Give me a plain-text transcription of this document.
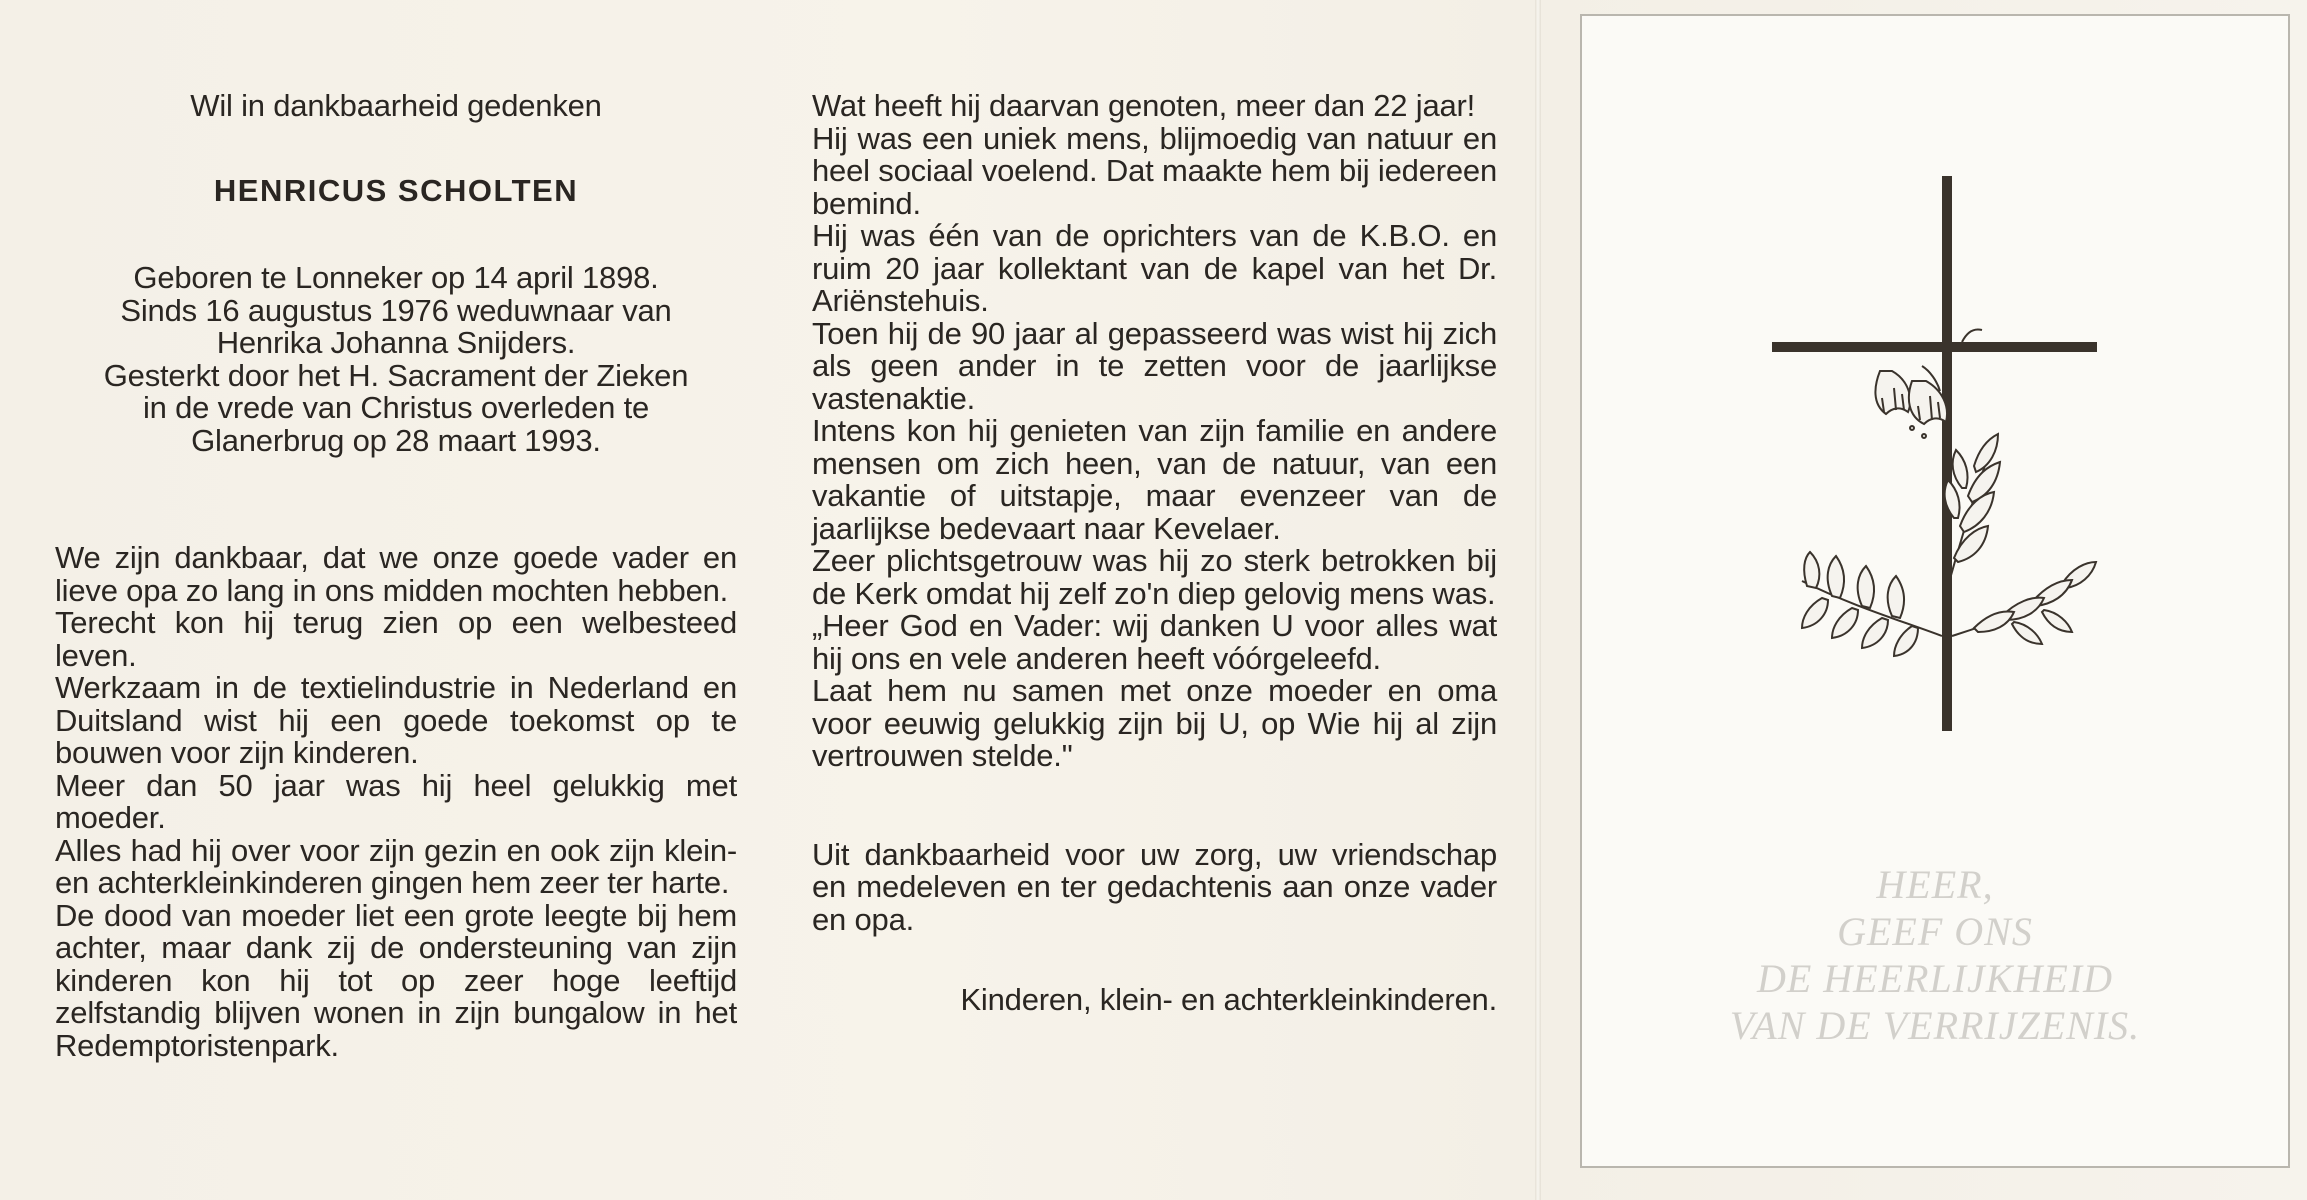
Wil in dankbaarheid gedenken

HENRICUS SCHOLTEN

Geboren te Lonneker op 14 april 1898.
Sinds 16 augustus 1976 weduwnaar van
Henrika Johanna Snijders.
Gesterkt door het H. Sacrament der Zieken
in de vrede van Christus overleden te
Glanerbrug op 28 maart 1993.

We zijn dankbaar, dat we onze goede vader en lieve opa zo lang in ons midden mochten hebben.

Terecht kon hij terug zien op een welbesteed leven.

Werkzaam in de textielindustrie in Nederland en Duitsland wist hij een goede toekomst op te bouwen voor zijn kinderen.

Meer dan 50 jaar was hij heel gelukkig met moeder.

Alles had hij over voor zijn gezin en ook zijn klein- en achterkleinkinderen gingen hem zeer ter harte.

De dood van moeder liet een grote leegte bij hem achter, maar dank zij de ondersteuning van zijn kinderen kon hij tot op zeer hoge leeftijd zelfstandig blijven wonen in zijn bungalow in het Redemptoristenpark.

Wat heeft hij daarvan genoten, meer dan 22 jaar!

Hij was een uniek mens, blijmoedig van natuur en heel sociaal voelend. Dat maakte hem bij iedereen bemind.

Hij was één van de oprichters van de K.B.O. en ruim 20 jaar kollektant van de kapel van het Dr. Ariënstehuis.

Toen hij de 90 jaar al gepasseerd was wist hij zich als geen ander in te zetten voor de jaarlijkse vastenaktie.

Intens kon hij genieten van zijn familie en andere mensen om zich heen, van de natuur, van een vakantie of uitstapje, maar evenzeer van de jaarlijkse bedevaart naar Kevelaer.

Zeer plichtsgetrouw was hij zo sterk betrokken bij de Kerk omdat hij zelf zo'n diep gelovig mens was.

„Heer God en Vader: wij danken U voor alles wat hij ons en vele anderen heeft vóórgeleefd.

Laat hem nu samen met onze moeder en oma voor eeuwig gelukkig zijn bij U, op Wie hij al zijn vertrouwen stelde."

Uit dankbaarheid voor uw zorg, uw vriendschap en medeleven en ter gedachtenis aan onze vader en opa.

Kinderen, klein- en achterkleinkinderen.

HEER,
GEEF ONS
DE HEERLIJKHEID
VAN DE VERRIJZENIS.
